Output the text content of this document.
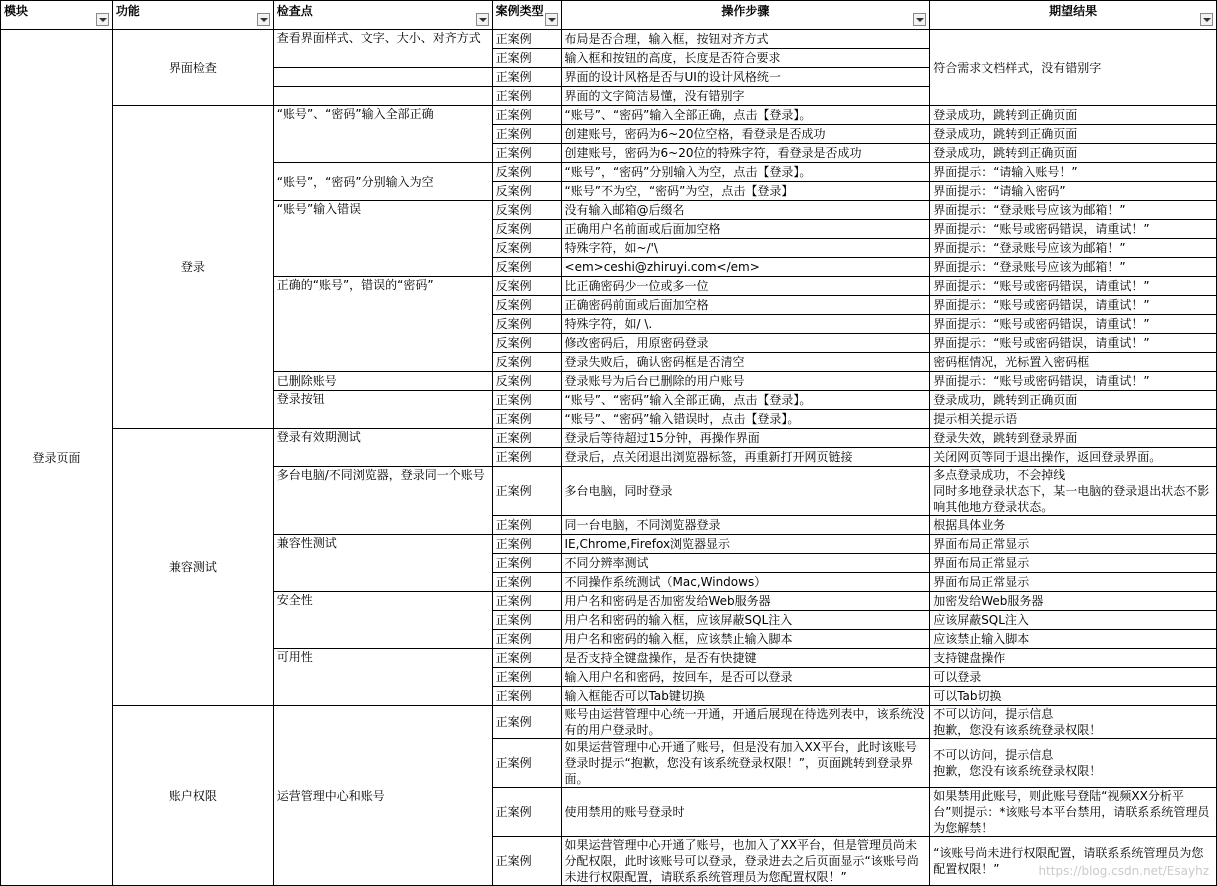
模块	功能	检查点	案例类型	操作步骤	期望结果

登录页面	界面检查	查看界面样式、文字、大小、对齐方式	正案例	布局是否合理，输入框，按钮对齐方式	符合需求文档样式，没有错别字
			正案例	输入框和按钮的高度，长度是否符合要求	
			正案例	界面的设计风格是否与UI的设计风格统一	
			正案例	界面的文字简洁易懂，没有错别字	
	登录	“账号”、“密码”输入全部正确	正案例	“账号”、“密码”输入全部正确，点击【登录】。	登录成功，跳转到正确页面
			正案例	创建账号，密码为6~20位空格，看登录是否成功	登录成功，跳转到正确页面
			正案例	创建账号，密码为6~20位的特殊字符，看登录是否成功	登录成功，跳转到正确页面
		“账号”，“密码”分别输入为空	反案例	“账号”，“密码”分别输入为空，点击【登录】。	界面提示：“请输入账号！”
			反案例	“账号”不为空，“密码”为空，点击【登录】	界面提示：“请输入密码”
		“账号”输入错误	反案例	没有输入邮箱@后缀名	界面提示：“登录账号应该为邮箱！”
			反案例	正确用户名前面或后面加空格	界面提示：“账号或密码错误，请重试！”
			反案例	特殊字符，如~/'\	界面提示：“登录账号应该为邮箱！”
			反案例	<em>ceshi@zhiruyi.com</em>	界面提示：“登录账号应该为邮箱！”
		正确的“账号”，错误的“密码”	反案例	比正确密码少一位或多一位	界面提示：“账号或密码错误，请重试！”
			反案例	正确密码前面或后面加空格	界面提示：“账号或密码错误，请重试！”
			反案例	特殊字符，如/ \.	界面提示：“账号或密码错误，请重试！”
			反案例	修改密码后，用原密码登录	界面提示：“账号或密码错误，请重试！”
			反案例	登录失败后，确认密码框是否清空	密码框情况，光标置入密码框
		已删除账号	反案例	登录账号为后台已删除的用户账号	界面提示：“账号或密码错误，请重试！”
		登录按钮	正案例	“账号”、“密码”输入全部正确，点击【登录】。	登录成功，跳转到正确页面
			正案例	“账号”、“密码”输入错误时，点击【登录】。	提示相关提示语
	兼容测试	登录有效期测试	正案例	登录后等待超过15分钟，再操作界面	登录失效，跳转到登录界面
			正案例	登录后，点关闭退出浏览器标签，再重新打开网页链接	关闭网页等同于退出操作，返回登录界面。
		多台电脑/不同浏览器，登录同一个账号	正案例	多台电脑，同时登录	多点登录成功，不会掉线
同时多地登录状态下，某一电脑的登录退出状态不影响其他地方登录状态。
			正案例	同一台电脑，不同浏览器登录	根据具体业务
		兼容性测试	正案例	IE,Chrome,Firefox浏览器显示	界面布局正常显示
			正案例	不同分辨率测试	界面布局正常显示
			正案例	不同操作系统测试（Mac,Windows）	界面布局正常显示
		安全性	正案例	用户名和密码是否加密发给Web服务器	加密发给Web服务器
			正案例	用户名和密码的输入框，应该屏蔽SQL注入	应该屏蔽SQL注入
			正案例	用户名和密码的输入框，应该禁止输入脚本	应该禁止输入脚本
		可用性	正案例	是否支持全键盘操作，是否有快捷键	支持键盘操作
			正案例	输入用户名和密码，按回车，是否可以登录	可以登录
			正案例	输入框能否可以Tab键切换	可以Tab切换
	账户权限	运营管理中心和账号	正案例	账号由运营管理中心统一开通，开通后展现在待选列表中，该系统没有的用户登录时。	不可以访问，提示信息
抱歉，您没有该系统登录权限！
			正案例	如果运营管理中心开通了账号，但是没有加入XX平台，此时该账号登录时提示“抱歉，您没有该系统登录权限！”，页面跳转到登录界面。	不可以访问，提示信息
抱歉，您没有该系统登录权限！
			正案例	使用禁用的账号登录时	如果禁用此账号，则此账号登陆“视频XX分析平台”则提示：*该账号本平台禁用，请联系系统管理员为您解禁！
			正案例	如果运营管理中心开通了账号，也加入了XX平台，但是管理员尚未分配权限，此时该账号可以登录，登录进去之后页面显示“该账号尚未进行权限配置，请联系系统管理员为您配置权限！”	“该账号尚未进行权限配置，请联系系统管理员为您配置权限！”	https://blog.csdn.net/Esayhz
